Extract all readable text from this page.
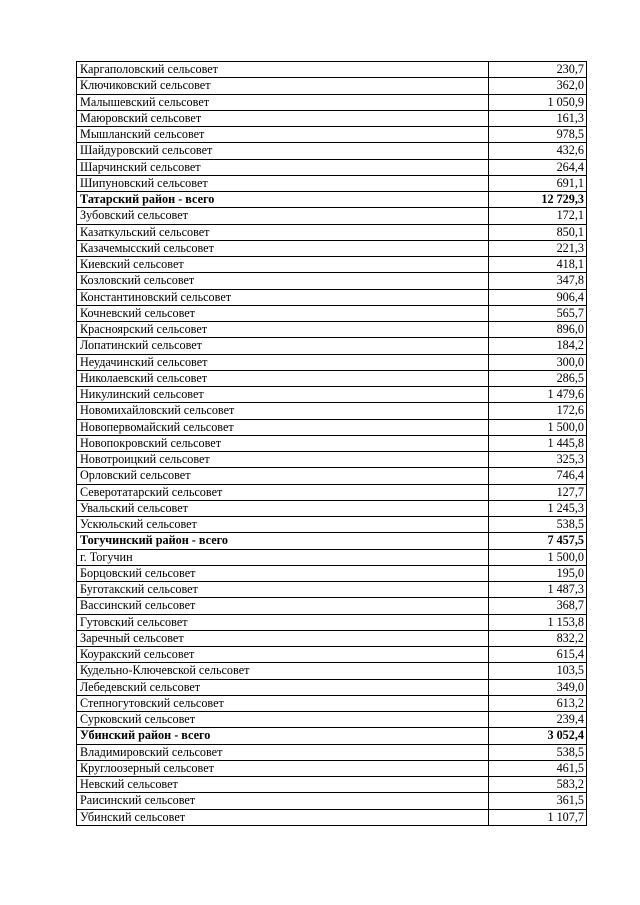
Каргаполовский сельсовет	230,7
Ключиковский сельсовет	362,0
Малышевский сельсовет	1 050,9
Маюровский сельсовет	161,3
Мышланский сельсовет	978,5
Шайдуровский сельсовет	432,6
Шарчинский сельсовет	264,4
Шипуновский сельсовет	691,1
Татарский район - всего	12 729,3
Зубовский сельсовет	172,1
Казаткульский сельсовет	850,1
Казачемысский сельсовет	221,3
Киевский сельсовет	418,1
Козловский сельсовет	347,8
Константиновский сельсовет	906,4
Кочневский сельсовет	565,7
Красноярский сельсовет	896,0
Лопатинский сельсовет	184,2
Неудачинский сельсовет	300,0
Николаевский сельсовет	286,5
Никулинский сельсовет	1 479,6
Новомихайловский сельсовет	172,6
Новопервомайский сельсовет	1 500,0
Новопокровский сельсовет	1 445,8
Новотроицкий сельсовет	325,3
Орловский сельсовет	746,4
Северотатарский сельсовет	127,7
Увальский сельсовет	1 245,3
Ускюльский сельсовет	538,5
Тогучинский район - всего	7 457,5
г. Тогучин	1 500,0
Борцовский сельсовет	195,0
Буготакский сельсовет	1 487,3
Вассинский сельсовет	368,7
Гутовский сельсовет	1 153,8
Заречный сельсовет	832,2
Коуракский сельсовет	615,4
Кудельно-Ключевской сельсовет	103,5
Лебедевский сельсовет	349,0
Степногутовский сельсовет	613,2
Сурковский сельсовет	239,4
Убинский район - всего	3 052,4
Владимировский сельсовет	538,5
Круглоозерный сельсовет	461,5
Невский сельсовет	583,2
Раисинский сельсовет	361,5
Убинский сельсовет	1 107,7
